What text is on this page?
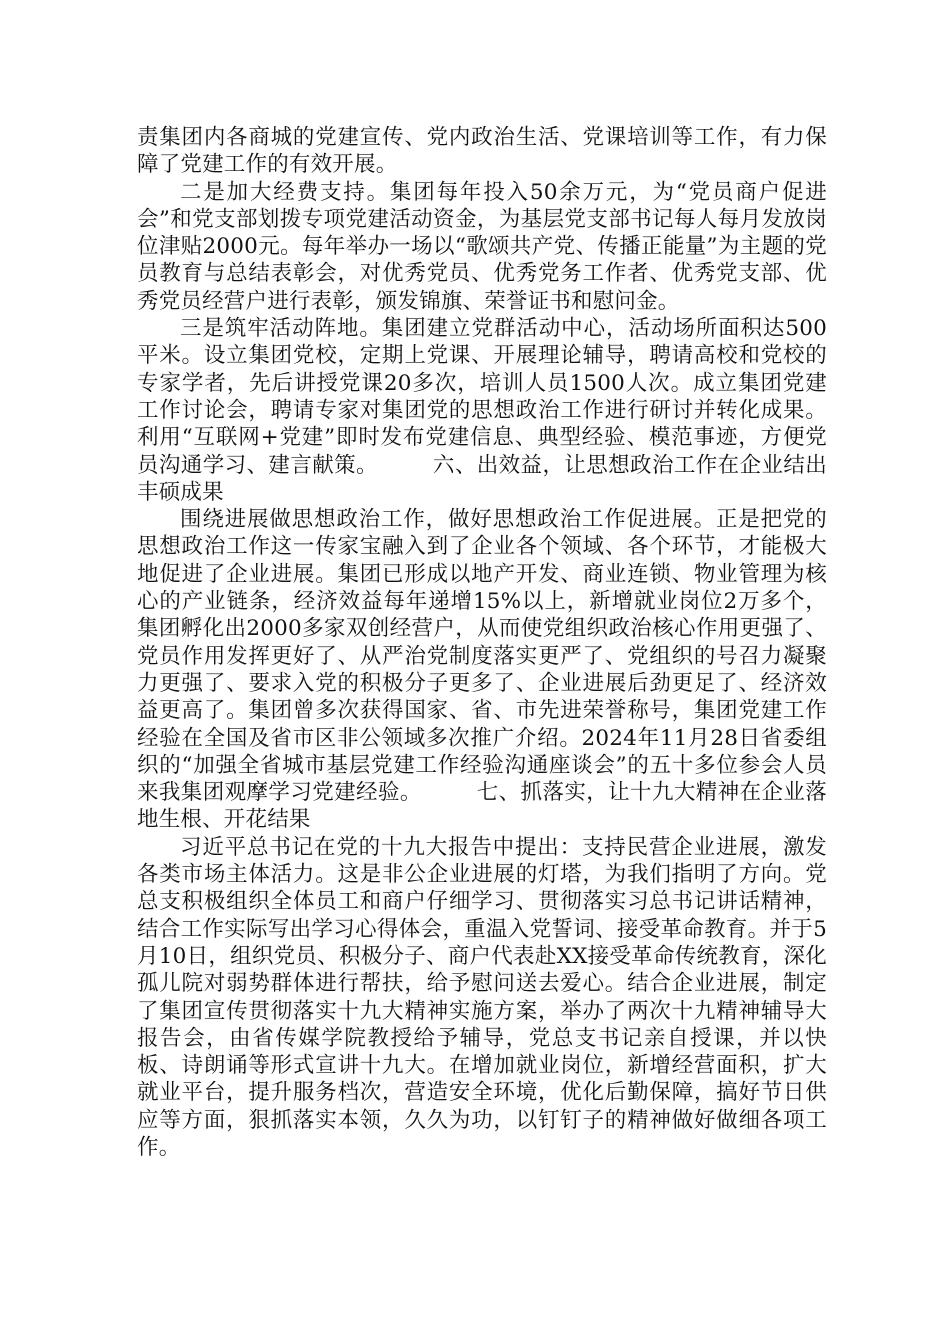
责集团内各商城的党建宣传、党内政治生活、党课培训等工作，有力保障了党建工作的有效开展。

二是加大经费支持。集团每年投入50余万元，为“党员商户促进会”和党支部划拨专项党建活动资金，为基层党支部书记每人每月发放岗位津贴2000元。每年举办一场以“歌颂共产党、传播正能量”为主题的党员教育与总结表彰会，对优秀党员、优秀党务工作者、优秀党支部、优秀党员经营户进行表彰，颁发锦旗、荣誉证书和慰问金。

三是筑牢活动阵地。集团建立党群活动中心，活动场所面积达500平米。设立集团党校，定期上党课、开展理论辅导，聘请高校和党校的专家学者，先后讲授党课20多次，培训人员1500人次。成立集团党建工作讨论会，聘请专家对集团党的思想政治工作进行研讨并转化成果。利用“互联网+党建”即时发布党建信息、典型经验、模范事迹，方便党员沟通学习、建言献策。　　　六、出效益，让思想政治工作在企业结出丰硕成果

围绕进展做思想政治工作，做好思想政治工作促进展。正是把党的思想政治工作这一传家宝融入到了企业各个领域、各个环节，才能极大地促进了企业进展。集团已形成以地产开发、商业连锁、物业管理为核心的产业链条，经济效益每年递增15%以上，新增就业岗位2万多个，集团孵化出2000多家双创经营户，从而使党组织政治核心作用更强了、党员作用发挥更好了、从严治党制度落实更严了、党组织的号召力凝聚力更强了、要求入党的积极分子更多了、企业进展后劲更足了、经济效益更高了。集团曾多次获得国家、省、市先进荣誉称号，集团党建工作经验在全国及省市区非公领域多次推广介绍。2024年11月28日省委组织的“加强全省城市基层党建工作经验沟通座谈会”的五十多位参会人员来我集团观摩学习党建经验。　　　七、抓落实，让十九大精神在企业落地生根、开花结果

习近平总书记在党的十九大报告中提出：支持民营企业进展，激发各类市场主体活力。这是非公企业进展的灯塔，为我们指明了方向。党总支积极组织全体员工和商户仔细学习、贯彻落实习总书记讲话精神，结合工作实际写出学习心得体会，重温入党誓词、接受革命教育。并于5月10日，组织党员、积极分子、商户代表赴XX接受革命传统教育，深化孤儿院对弱势群体进行帮扶，给予慰问送去爱心。结合企业进展，制定了集团宣传贯彻落实十九大精神实施方案，举办了两次十九精神辅导大报告会，由省传媒学院教授给予辅导，党总支书记亲自授课，并以快板、诗朗诵等形式宣讲十九大。在增加就业岗位，新增经营面积，扩大就业平台，提升服务档次，营造安全环境，优化后勤保障，搞好节日供应等方面，狠抓落实本领，久久为功，以钉钉子的精神做好做细各项工作。
